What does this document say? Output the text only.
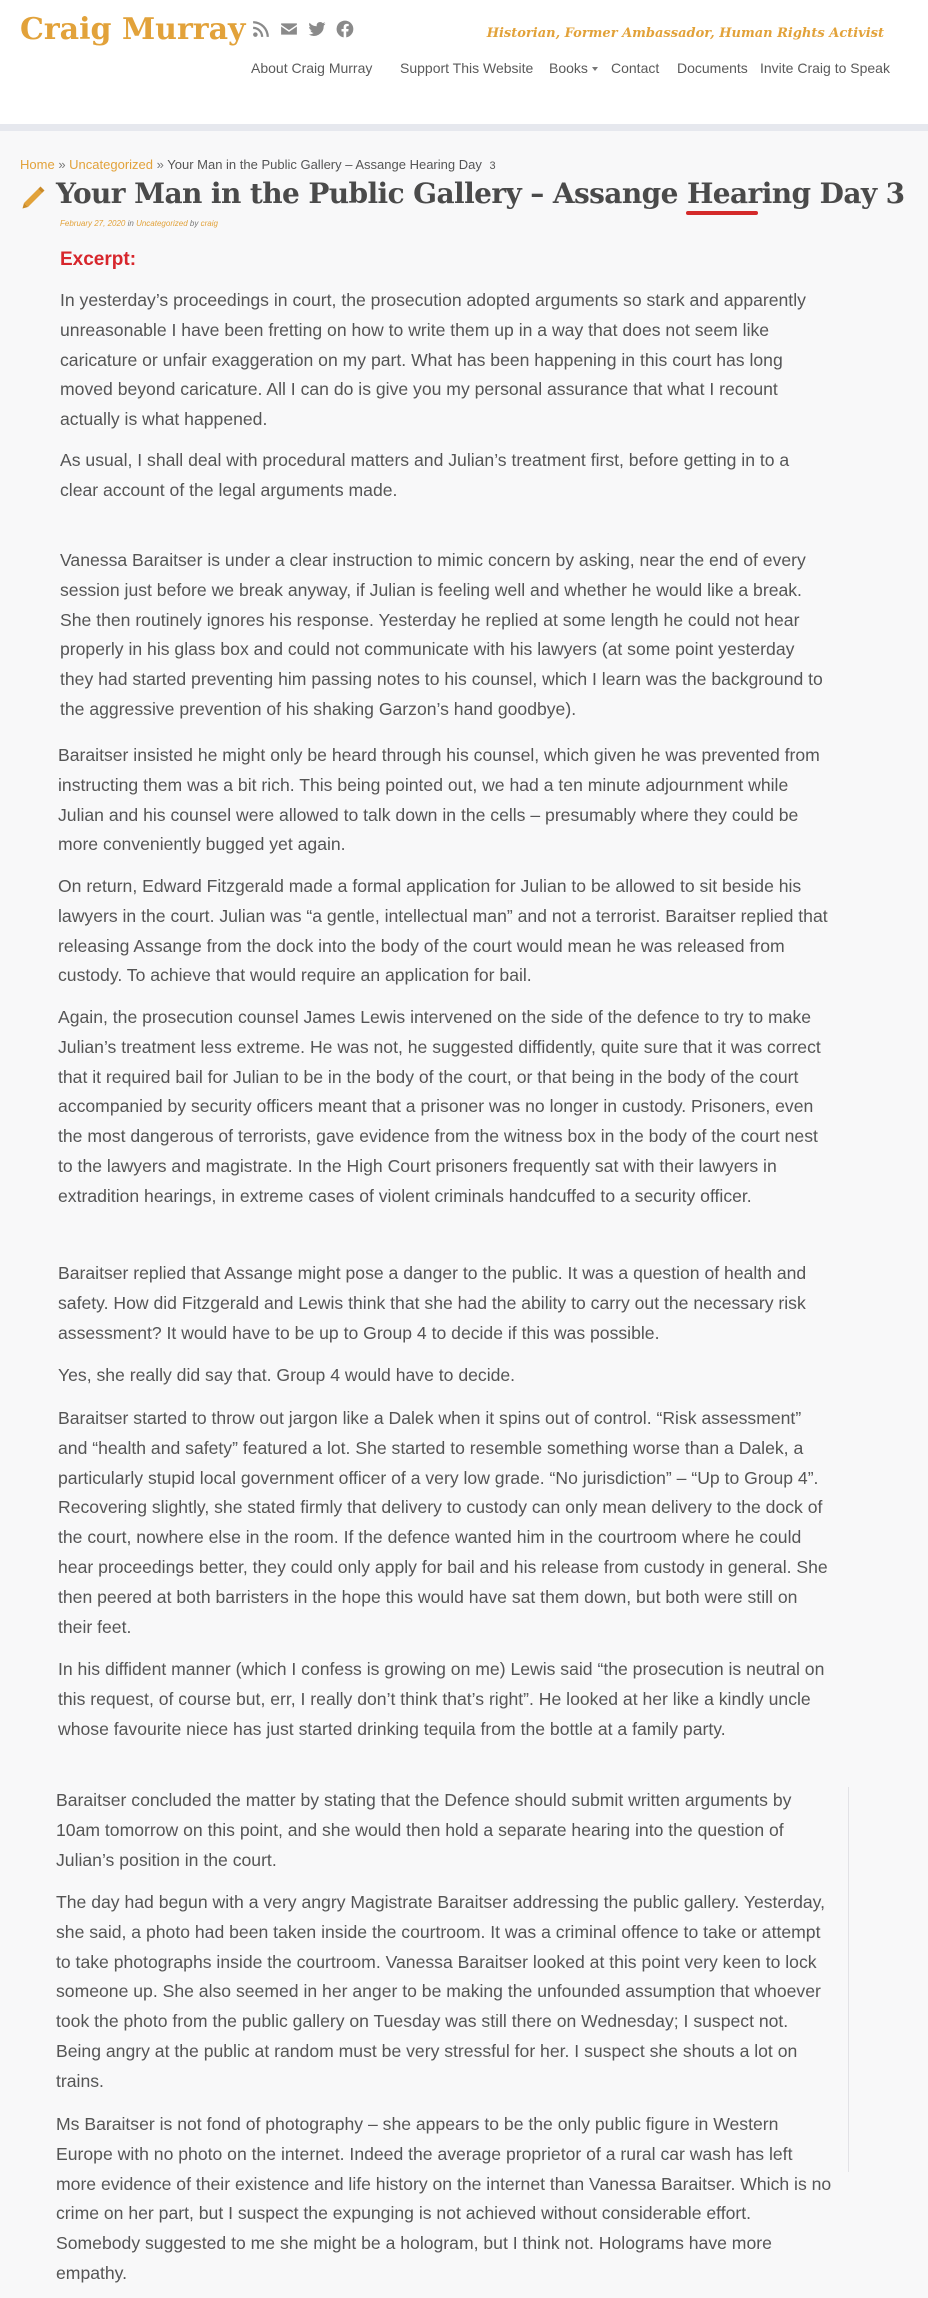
Craig Murray	Historian, Former Ambassador, Human Rights Activist
About Craig Murray Support This Website Books	Contact Documents Invite Craig to Speak
Home » Uncategorized » Your Man in the Public Gallery – Assange Hearing Day 3
Your Man in the Public Gallery – Assange Hearing Day 3
February 27, 2020 in Uncategorized by craig
Excerpt:

In yesterday’s proceedings in court, the prosecution adopted arguments so stark and apparently unreasonable I have been fretting on how to write them up in a way that does not seem like caricature or unfair exaggeration on my part. What has been happening in this court has long moved beyond caricature. All I can do is give you my personal assurance that what I recount actually is what happened.

As usual, I shall deal with procedural matters and Julian’s treatment first, before getting in to a clear account of the legal arguments made.

Vanessa Baraitser is under a clear instruction to mimic concern by asking, near the end of every session just before we break anyway, if Julian is feeling well and whether he would like a break. She then routinely ignores his response. Yesterday he replied at some length he could not hear properly in his glass box and could not communicate with his lawyers (at some point yesterday they had started preventing him passing notes to his counsel, which I learn was the background to the aggressive prevention of his shaking Garzon’s hand goodbye).

Baraitser insisted he might only be heard through his counsel, which given he was prevented from instructing them was a bit rich. This being pointed out, we had a ten minute adjournment while Julian and his counsel were allowed to talk down in the cells – presumably where they could be more conveniently bugged yet again.

On return, Edward Fitzgerald made a formal application for Julian to be allowed to sit beside his lawyers in the court. Julian was “a gentle, intellectual man” and not a terrorist. Baraitser replied that releasing Assange from the dock into the body of the court would mean he was released from custody. To achieve that would require an application for bail.

Again, the prosecution counsel James Lewis intervened on the side of the defence to try to make Julian’s treatment less extreme. He was not, he suggested diffidently, quite sure that it was correct that it required bail for Julian to be in the body of the court, or that being in the body of the court accompanied by security officers meant that a prisoner was no longer in custody. Prisoners, even the most dangerous of terrorists, gave evidence from the witness box in the body of the court nest to the lawyers and magistrate. In the High Court prisoners frequently sat with their lawyers in extradition hearings, in extreme cases of violent criminals handcuffed to a security officer.

Baraitser replied that Assange might pose a danger to the public. It was a question of health and safety. How did Fitzgerald and Lewis think that she had the ability to carry out the necessary risk assessment? It would have to be up to Group 4 to decide if this was possible.

Yes, she really did say that. Group 4 would have to decide.

Baraitser started to throw out jargon like a Dalek when it spins out of control. “Risk assessment” and “health and safety” featured a lot. She started to resemble something worse than a Dalek, a particularly stupid local government officer of a very low grade. “No jurisdiction” – “Up to Group 4”. Recovering slightly, she stated firmly that delivery to custody can only mean delivery to the dock of the court, nowhere else in the room. If the defence wanted him in the courtroom where he could hear proceedings better, they could only apply for bail and his release from custody in general. She then peered at both barristers in the hope this would have sat them down, but both were still on their feet.

In his diffident manner (which I confess is growing on me) Lewis said “the prosecution is neutral on this request, of course but, err, I really don’t think that’s right”. He looked at her like a kindly uncle whose favourite niece has just started drinking tequila from the bottle at a family party.

Baraitser concluded the matter by stating that the Defence should submit written arguments by 10am tomorrow on this point, and she would then hold a separate hearing into the question of Julian’s position in the court.

The day had begun with a very angry Magistrate Baraitser addressing the public gallery. Yesterday, she said, a photo had been taken inside the courtroom. It was a criminal offence to take or attempt to take photographs inside the courtroom. Vanessa Baraitser looked at this point very keen to lock someone up. She also seemed in her anger to be making the unfounded assumption that whoever took the photo from the public gallery on Tuesday was still there on Wednesday; I suspect not. Being angry at the public at random must be very stressful for her. I suspect she shouts a lot on trains.

Ms Baraitser is not fond of photography – she appears to be the only public figure in Western Europe with no photo on the internet. Indeed the average proprietor of a rural car wash has left more evidence of their existence and life history on the internet than Vanessa Baraitser. Which is no crime on her part, but I suspect the expunging is not achieved without considerable effort. Somebody suggested to me she might be a hologram, but I think not. Holograms have more empathy.
